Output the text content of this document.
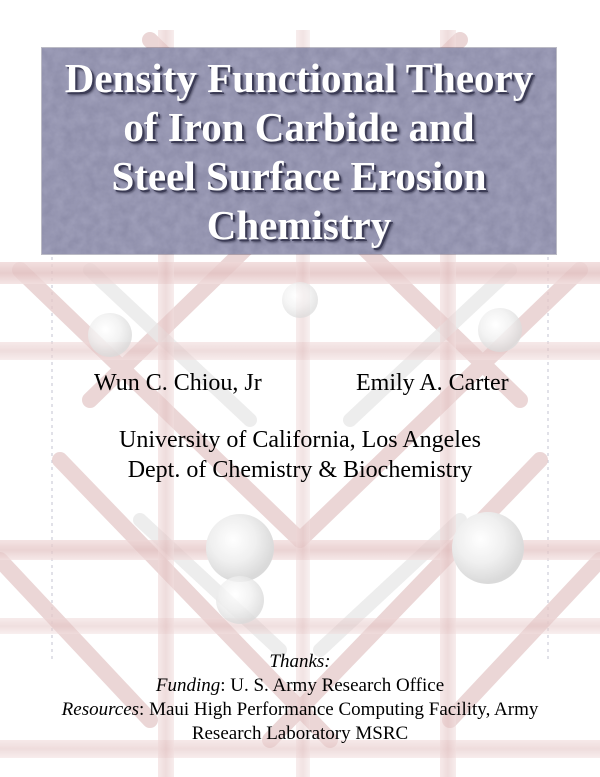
Density Functional Theory
of Iron Carbide and
Steel Surface Erosion
Chemistry
Wun C. Chiou, Jr	Emily A. Carter
University of California, Los Angeles
Dept. of Chemistry & Biochemistry
Thanks:
Funding: U. S. Army Research Office
Resources: Maui High Performance Computing Facility, Army
Research Laboratory MSRC
